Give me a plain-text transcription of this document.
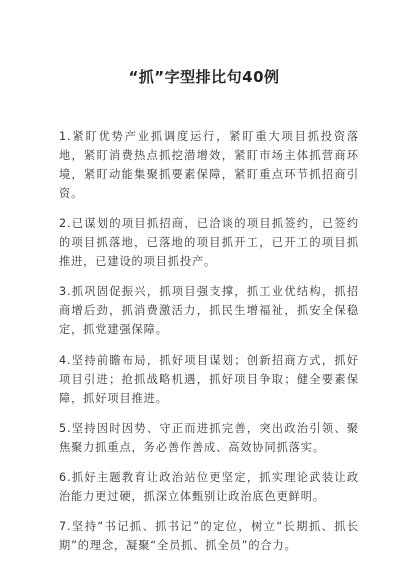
“抓”字型排比句40例

1.紧盯优势产业抓调度运行，紧盯重大项目抓投资落地，紧盯消费热点抓挖潜增效，紧盯市场主体抓营商环境，紧盯动能集聚抓要素保障，紧盯重点环节抓招商引资。

2.已谋划的项目抓招商，已洽谈的项目抓签约，已签约的项目抓落地，已落地的项目抓开工，已开工的项目抓推进，已建设的项目抓投产。

3.抓巩固促振兴，抓项目强支撑，抓工业优结构，抓招商增后劲，抓消费激活力，抓民生增福祉，抓安全保稳定，抓党建强保障。

4.坚持前瞻布局，抓好项目谋划；创新招商方式，抓好项目引进；抢抓战略机遇，抓好项目争取；健全要素保障，抓好项目推进。

5.坚持因时因势、守正而进抓完善，突出政治引领、聚焦聚力抓重点，务必善作善成、高效协同抓落实。

6.抓好主题教育让政治站位更坚定，抓实理论武装让政治能力更过硬，抓深立体甄别让政治底色更鲜明。

7.坚持“书记抓、抓书记”的定位，树立“长期抓、抓长期”的理念，凝聚“全员抓、抓全员”的合力。
